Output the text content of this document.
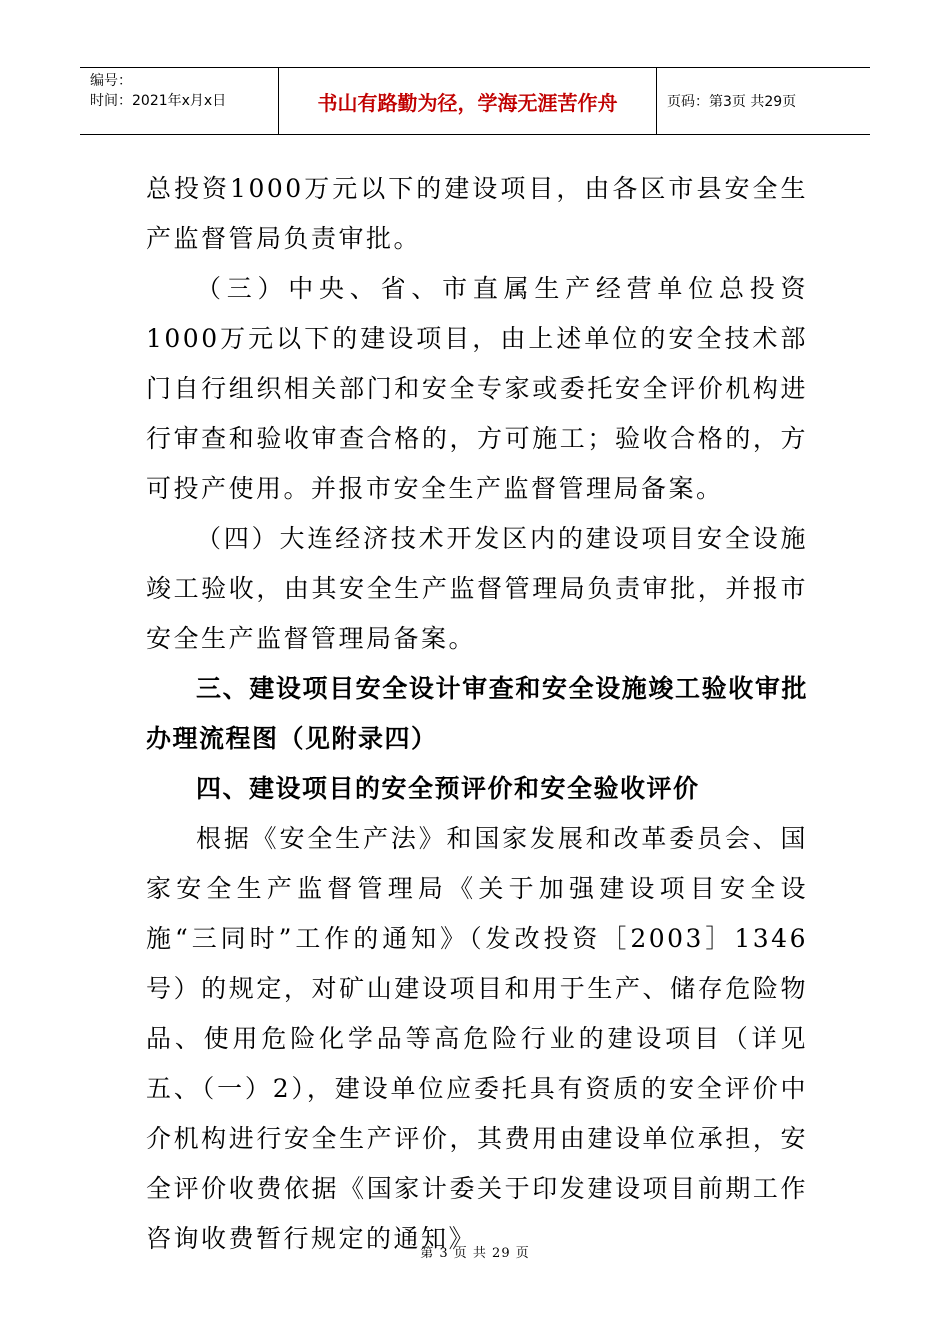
编号：
时间：2021年x月x日	书山有路勤为径，学海无涯苦作舟	页码：第3页 共29页

总投资1000万元以下的建设项目，由各区市县安全生产监督管局负责审批。

（三）中央、省、市直属生产经营单位总投资1000万元以下的建设项目，由上述单位的安全技术部门自行组织相关部门和安全专家或委托安全评价机构进行审查和验收审查合格的，方可施工；验收合格的，方可投产使用。并报市安全生产监督管理局备案。

（四）大连经济技术开发区内的建设项目安全设施竣工验收，由其安全生产监督管理局负责审批，并报市安全生产监督管理局备案。

三、建设项目安全设计审查和安全设施竣工验收审批办理流程图（见附录四）

四、建设项目的安全预评价和安全验收评价

根据《安全生产法》和国家发展和改革委员会、国家安全生产监督管理局《关于加强建设项目安全设施“三同时”工作的通知》（发改投资［2003］1346号）的规定，对矿山建设项目和用于生产、储存危险物品、使用危险化学品等高危险行业的建设项目（详见五、（一）2），建设单位应委托具有资质的安全评价中介机构进行安全生产评价，其费用由建设单位承担，安全评价收费依据《国家计委关于印发建设项目前期工作咨询收费暂行规定的通知》

第 3 页 共 29 页
